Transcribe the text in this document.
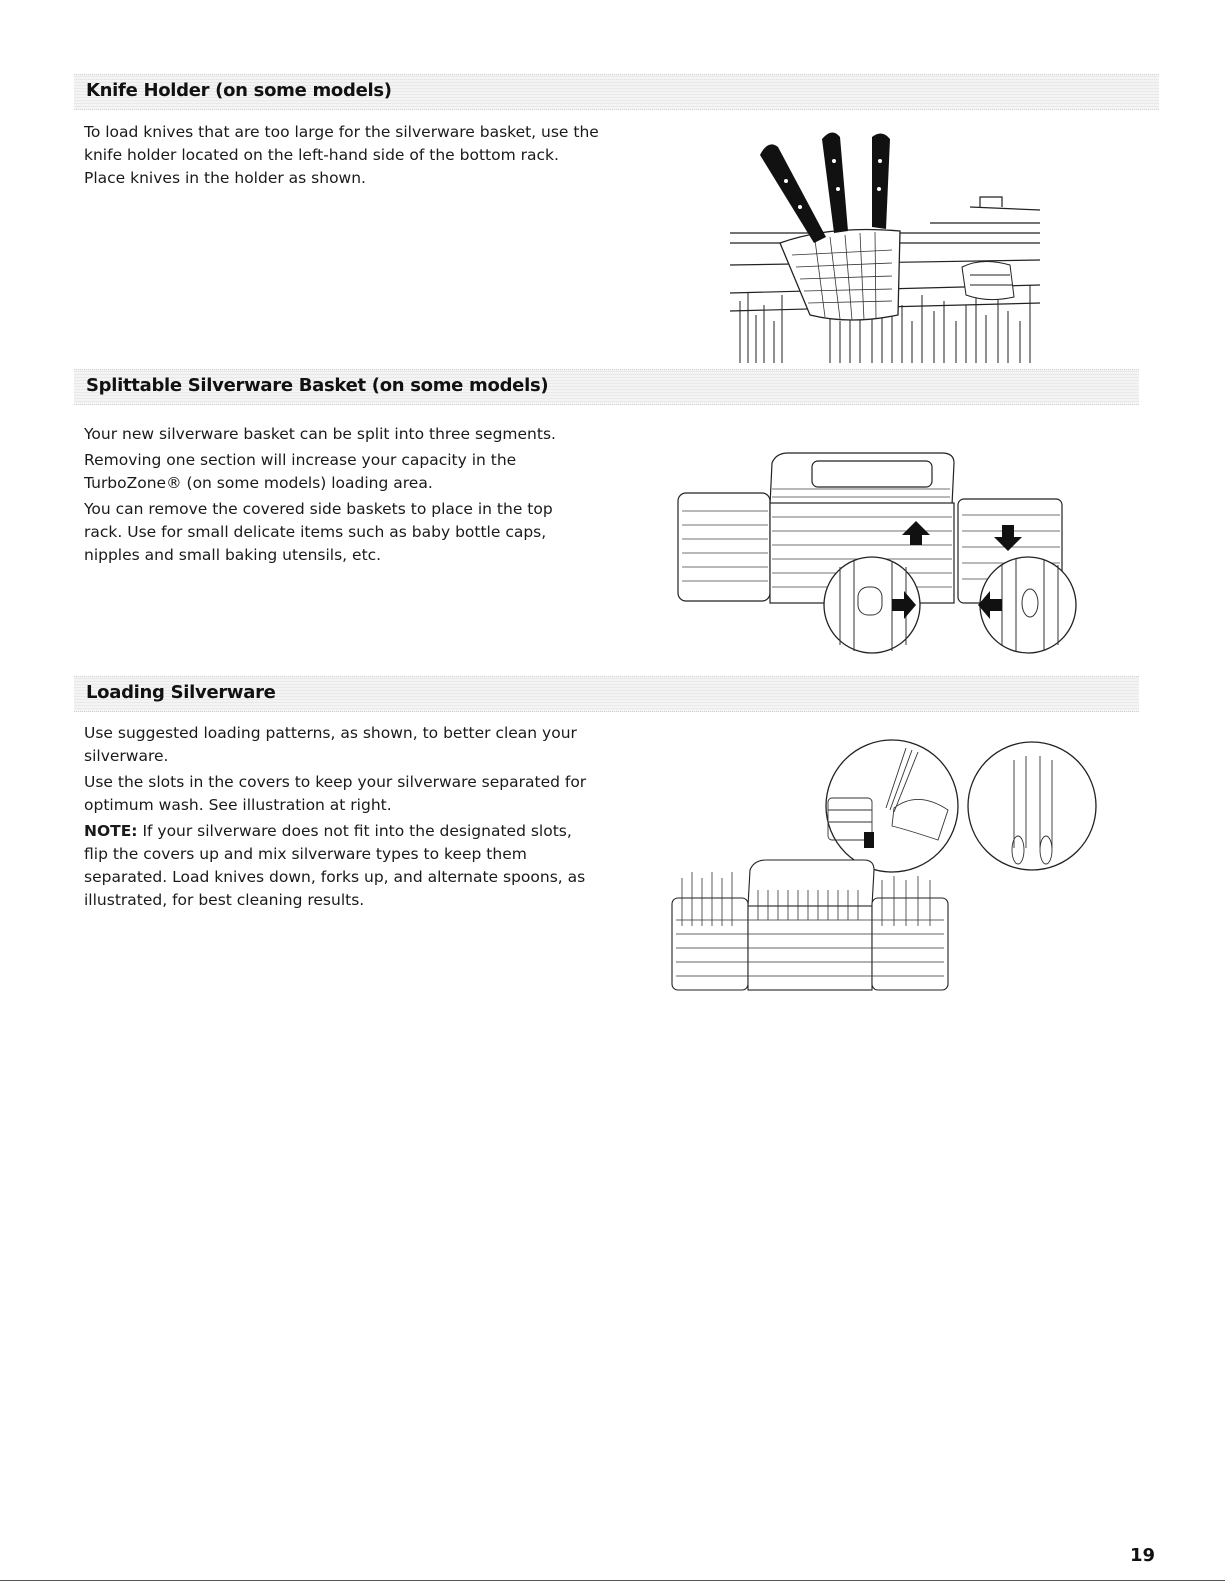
Knife Holder (on some models)

To load knives that are too large for the silverware basket, use the knife holder located on the left-hand side of the bottom rack. Place knives in the holder as shown.

Splittable Silverware Basket (on some models)

Your new silverware basket can be split into three segments.

Removing one section will increase your capacity in the TurboZone® (on some models) loading area.

You can remove the covered side baskets to place in the top rack. Use for small delicate items such as baby bottle caps, nipples and small baking utensils, etc.

Loading Silverware

Use suggested loading patterns, as shown, to better clean your silverware.

Use the slots in the covers to keep your silverware separated for optimum wash. See illustration at right.

NOTE: If your silverware does not fit into the designated slots, flip the covers up and mix silverware types to keep them separated. Load knives down, forks up, and alternate spoons, as illustrated, for best cleaning results.

19
